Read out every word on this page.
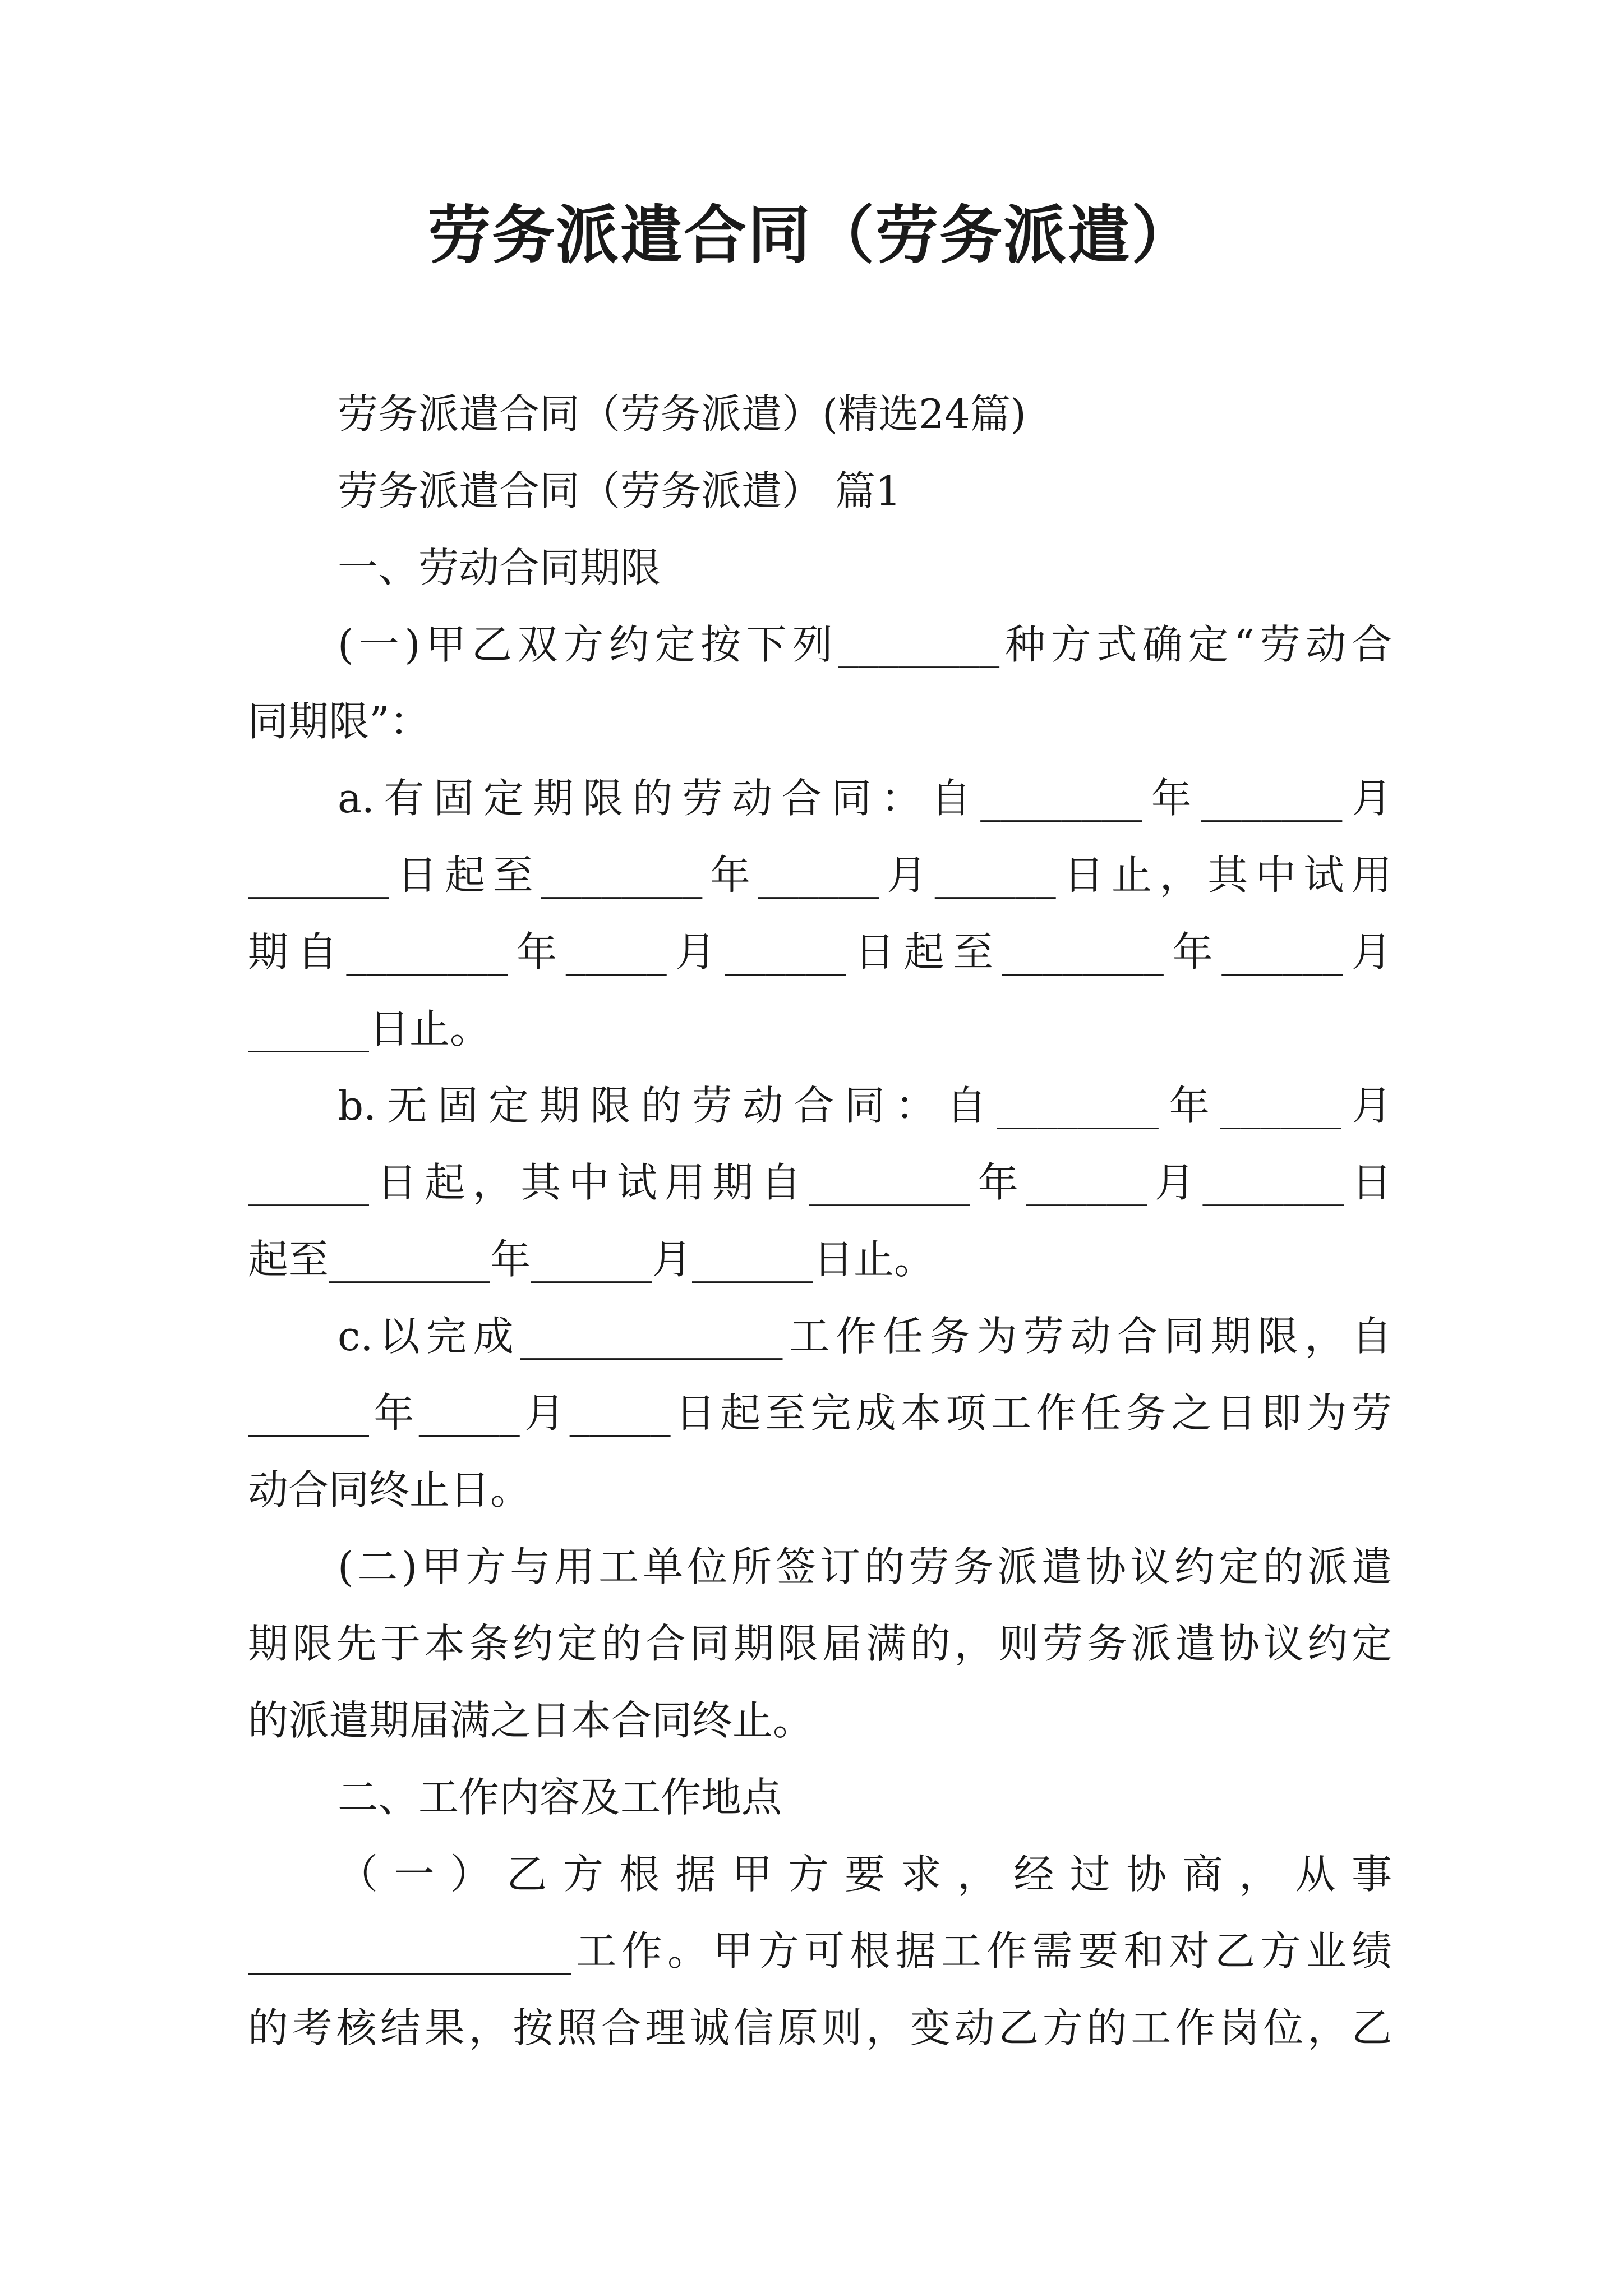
劳务派遣合同（劳务派遣）
劳务派遣合同（劳务派遣）(精选24篇)
劳务派遣合同（劳务派遣） 篇1
一、劳动合同期限
(一)甲乙双方约定按下列________种方式确定“劳动合
同期限”：
a.有固定期限的劳动合同：自________年_______月
_______日起至________年______月______日止，其中试用
期自________年_____月______日起至________年______月
______日止。
b.无固定期限的劳动合同：自________年______月
______日起，其中试用期自________年______月_______日
起至________年______月______日止。
c.以完成_____________工作任务为劳动合同期限，自
______年_____月_____日起至完成本项工作任务之日即为劳
动合同终止日。
(二)甲方与用工单位所签订的劳务派遣协议约定的派遣
期限先于本条约定的合同期限届满的，则劳务派遣协议约定
的派遣期届满之日本合同终止。
二、工作内容及工作地点
（一）乙方根据甲方要求，经过协商，从事
________________工作。甲方可根据工作需要和对乙方业绩
的考核结果，按照合理诚信原则，变动乙方的工作岗位，乙
